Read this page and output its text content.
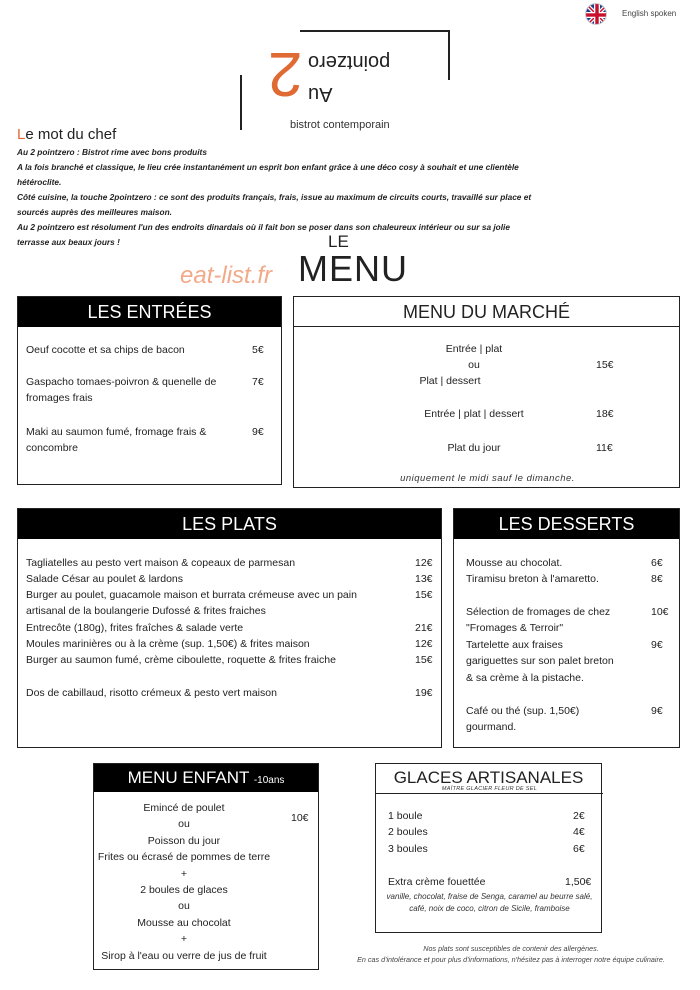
English spoken
2 pointzero
Au
bistrot contemporain
Le mot du chef
Au 2 pointzero : Bistrot rime avec bons produits
A la fois branché et classique, le lieu crée instantanément un esprit bon enfant grâce à une déco cosy à souhait et une clientèle
hétéroclite.
Côté cuisine, la touche 2pointzero : ce sont des produits français, frais, issue au maximum de circuits courts, travaillé sur place et
sourcés auprès des meilleures maison.
Au 2 pointzero est résolument l'un des endroits dinardais où il fait bon se poser dans son chaleureux intérieur ou sur sa jolie
terrasse aux beaux jours !	LE
MENU
eat-list.fr
LES ENTRÉES
Oeuf cocotte et sa chips de bacon	5€
Gaspacho tomaes-poivron & quenelle de fromages frais
7€
Maki au saumon fumé, fromage frais & concombre
9€
MENU DU MARCHÉ
Entrée | plat
ou
Plat | dessert
15€
Entrée | plat | dessert	18€
Plat du jour	11€
uniquement le midi sauf le dimanche.
LES PLATS
Tagliatelles au pesto vert maison & copeaux de parmesan	12€
Salade César au poulet & lardons	13€
Burger au poulet, guacamole maison et burrata crémeuse avec un pain artisanal de la boulangerie Dufossé & frites fraiches
15€
Entrecôte (180g), frites fraîches & salade verte	21€
Moules marinières ou à la crème (sup. 1,50€) & frites maison	12€
Burger au saumon fumé, crème ciboulette, roquette & frites fraiche	15€
Dos de cabillaud, risotto crémeux & pesto vert maison	19€
LES DESSERTS
Mousse au chocolat.	6€
Tiramisu breton à l'amaretto.	8€
Sélection de fromages de chez "Fromages & Terroir"
10€
Tartelette aux fraises gariguettes sur son palet breton & sa crème à la pistache.
9€
Café ou thé (sup. 1,50€) gourmand.
9€
MENU ENFANT -10ans
Emincé de poulet
ou
Poisson du jour
Frites ou écrasé de pommes de terre
+
2 boules de glaces
ou
Mousse au chocolat
+
Sirop à l'eau ou verre de jus de fruit
10€
GLACES ARTISANALES
MAÎTRE GLACIER FLEUR DE SEL
1 boule	2€
2 boules	4€
3 boules	6€
Extra crème fouettée	1,50€
vanille, chocolat, fraise de Senga, caramel au beurre salé, café, noix de coco, citron de Sicile, framboise
Nos plats sont susceptibles de contenir des allergènes.
En cas d'intolérance et pour plus d'informations, n'hésitez pas à interroger notre équipe culinaire.
